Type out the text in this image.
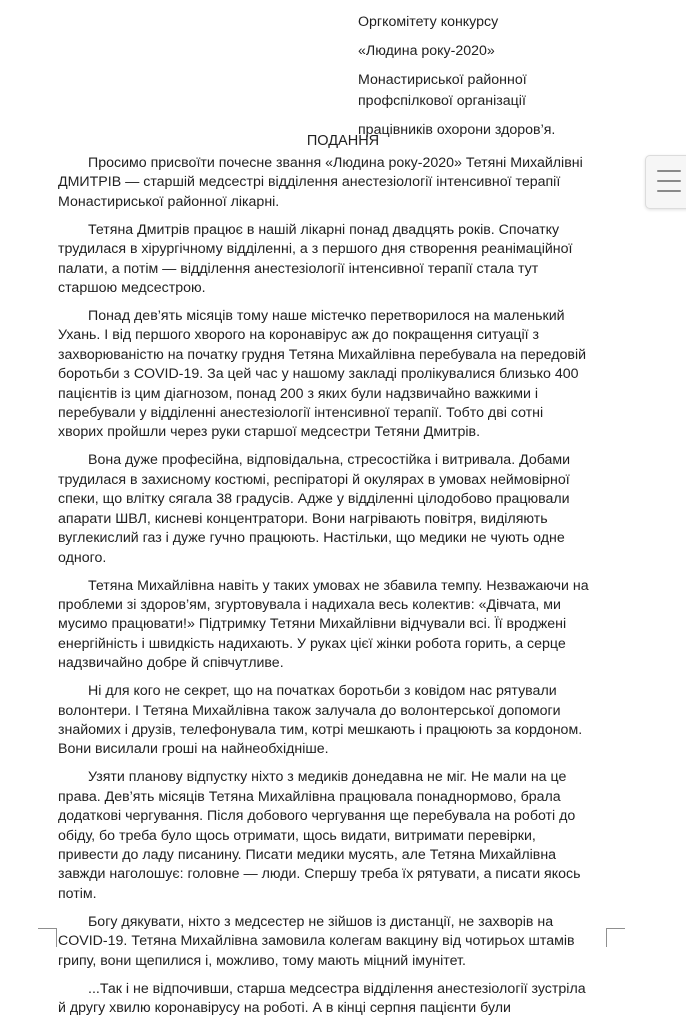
Оргкомітету конкурсу
«Людина року-2020»
Монастириської районної
профспілкової організації
працівників охорони здоров’я.
ПОДАННЯ

Просимо присвоїти почесне звання «Людина року-2020» Тетяні Михайлівні ДМИТРІВ — старшій медсестрі відділення анестезіології інтенсивної терапії Монастириської районної лікарні.

Тетяна Дмитрів працює в нашій лікарні понад двадцять років. Спочатку трудилася в хірургічному відділенні, а з першого дня створення реанімаційної палати, а потім — відділення анестезіології інтенсивної терапії стала тут старшою медсестрою.

Понад дев’ять місяців тому наше містечко перетворилося на маленький Ухань. І від першого хворого на коронавірус аж до покращення ситуації з захворюваністю на початку грудня Тетяна Михайлівна перебувала на передовій боротьби з COVID-19. За цей час у нашому закладі пролікувалися близько 400 пацієнтів із цим діагнозом, понад 200 з яких були надзвичайно важкими і перебували у відділенні анестезіології інтенсивної терапії. Тобто дві сотні хворих пройшли через руки старшої медсестри Тетяни Дмитрів.

Вона дуже професійна, відповідальна, стресостійка і витривала. Добами трудилася в захисному костюмі, респіраторі й окулярах в умовах неймовірної спеки, що влітку сягала 38 градусів. Адже у відділенні цілодобово працювали апарати ШВЛ, кисневі концентратори. Вони нагрівають повітря, виділяють вуглекислий газ і дуже гучно працюють. Настільки, що медики не чують одне одного.

Тетяна Михайлівна навіть у таких умовах не збавила темпу. Незважаючи на проблеми зі здоров’ям, згуртовувала і надихала весь колектив: «Дівчата, ми мусимо працювати!» Підтримку Тетяни Михайлівни відчували всі. Її вроджені енергійність і швидкість надихають. У руках цієї жінки робота горить, а серце надзвичайно добре й співчутливе.

Ні для кого не секрет, що на початках боротьби з ковідом нас рятували волонтери. І Тетяна Михайлівна також залучала до волонтерської допомоги знайомих і друзів, телефонувала тим, котрі мешкають і працюють за кордоном. Вони висилали гроші на найнеобхідніше.

Узяти планову відпустку ніхто з медиків донедавна не міг. Не мали на це права. Дев’ять місяців Тетяна Михайлівна працювала понаднормово, брала додаткові чергування. Після добового чергування ще перебувала на роботі до обіду, бо треба було щось отримати, щось видати, витримати перевірки, привести до ладу писанину. Писати медики мусять, але Тетяна Михайлівна завжди наголошує: головне — люди. Спершу треба їх рятувати, а писати якось потім.

Богу дякувати, ніхто з медсестер не зійшов із дистанції, не захворів на COVID-19. Тетяна Михайлівна замовила колегам вакцину від чотирьох штамів грипу, вони щепилися і, можливо, тому мають міцний імунітет.

...Так і не відпочивши, старша медсестра відділення анестезіології зустріла й другу хвилю коронавірусу на роботі. А в кінці серпня пацієнти були
